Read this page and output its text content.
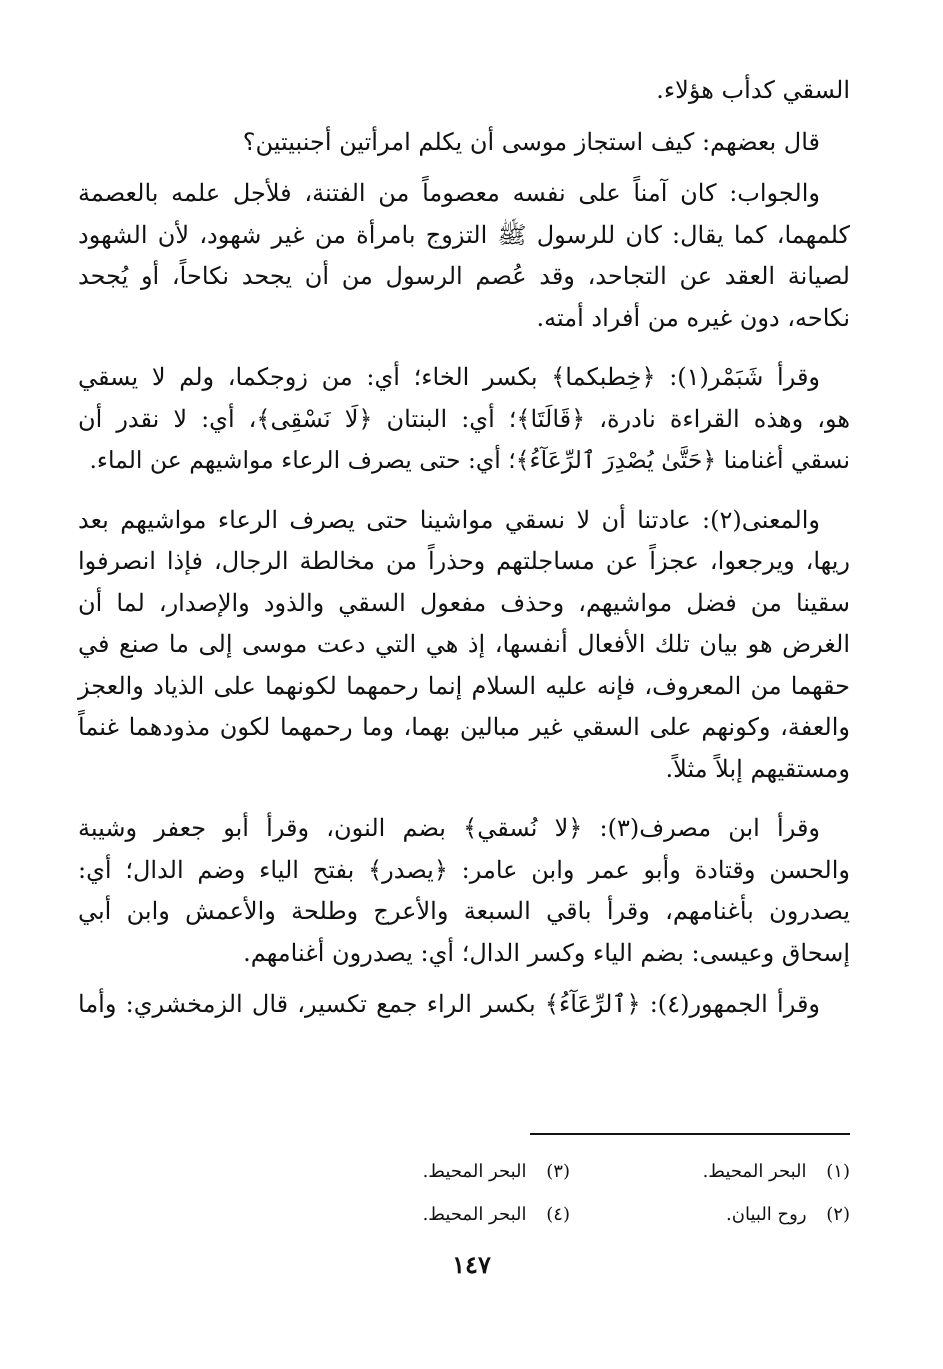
السقي كدأب هؤلاء.
قال بعضهم: كيف استجاز موسى أن يكلم امرأتين أجنبيتين؟
والجواب: كان آمناً على نفسه معصوماً من الفتنة، فلأجل علمه بالعصمة
كلمهما، كما يقال: كان للرسول ﷺ التزوج بامرأة من غير شهود، لأن الشهود
لصيانة العقد عن التجاحد، وقد عُصم الرسول من أن يجحد نكاحاً، أو يُجحد
نكاحه، دون غيره من أفراد أمته.
وقرأ شَبَمْر(١): ﴿خِطبكما﴾ بكسر الخاء؛ أي: من زوجكما، ولم لا يسقي
هو، وهذه القراءة نادرة، ﴿قَالَتَا﴾؛ أي: البنتان ﴿لَا نَسْقِى﴾، أي: لا نقدر أن
نسقي أغنامنا ﴿حَتَّىٰ يُصْدِرَ ٱلرِّعَآءُ﴾؛ أي: حتى يصرف الرعاء مواشيهم عن الماء.
والمعنى(٢): عادتنا أن لا نسقي مواشينا حتى يصرف الرعاء مواشيهم بعد
ريها، ويرجعوا، عجزاً عن مساجلتهم وحذراً من مخالطة الرجال، فإذا انصرفوا
سقينا من فضل مواشيهم، وحذف مفعول السقي والذود والإصدار، لما أن
الغرض هو بيان تلك الأفعال أنفسها، إذ هي التي دعت موسى إلى ما صنع في
حقهما من المعروف، فإنه عليه السلام إنما رحمهما لكونهما على الذياد والعجز
والعفة، وكونهم على السقي غير مبالين بهما، وما رحمهما لكون مذودهما غنماً
ومستقيهم إبلاً مثلاً.
وقرأ ابن مصرف(٣): ﴿لا نُسقي﴾ بضم النون، وقرأ أبو جعفر وشيبة
والحسن وقتادة وأبو عمر وابن عامر: ﴿يصدر﴾ بفتح الياء وضم الدال؛ أي:
يصدرون بأغنامهم، وقرأ باقي السبعة والأعرج وطلحة والأعمش وابن أبي
إسحاق وعيسى: بضم الياء وكسر الدال؛ أي: يصدرون أغنامهم.
وقرأ الجمهور(٤): ﴿ٱلرِّعَآءُ﴾ بكسر الراء جمع تكسير، قال الزمخشري: وأما
(١) البحر المحيط.
(٣) البحر المحيط.
(٢) روح البيان.
(٤) البحر المحيط.
١٤٧
